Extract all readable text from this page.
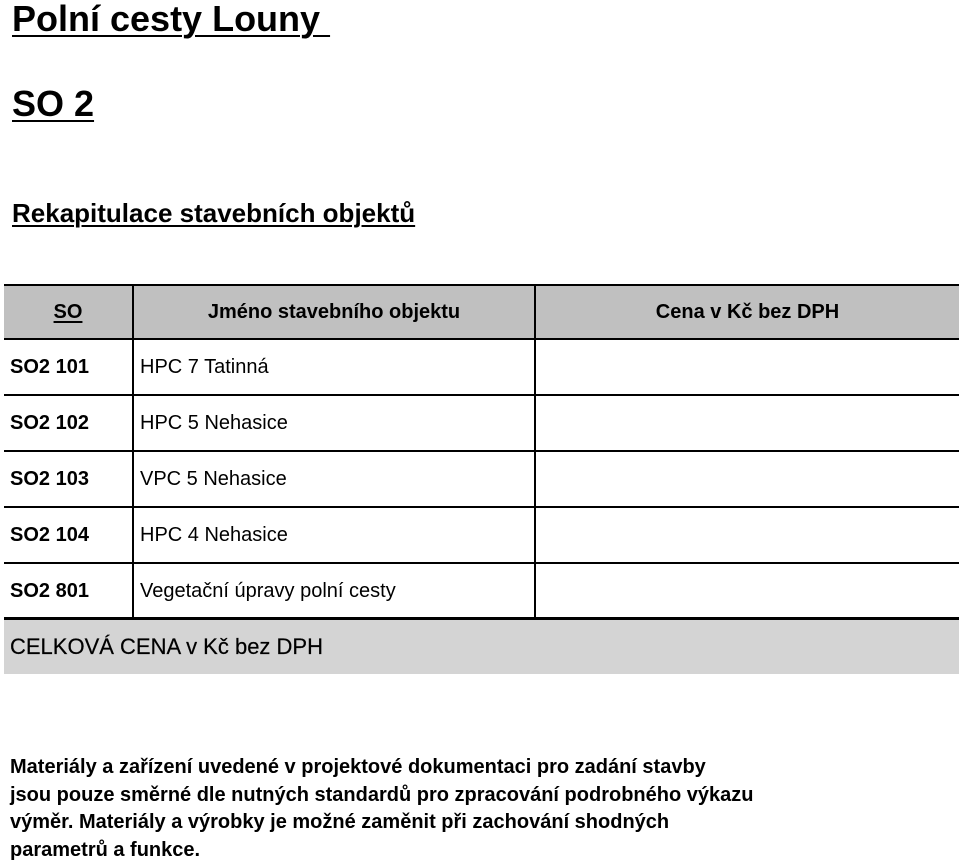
Polní cesty Louny
SO 2
Rekapitulace stavebních objektů
SO	Jméno stavebního objektu	Cena v Kč bez DPH
SO2 101	HPC 7 Tatinná
SO2 102	HPC 5 Nehasice
SO2 103	VPC 5 Nehasice
SO2 104	HPC 4 Nehasice
SO2 801	Vegetační úpravy polní cesty
CELKOVÁ CENA v Kč bez DPH
Materiály a zařízení uvedené v projektové dokumentaci pro zadání stavby
jsou pouze směrné dle nutných standardů pro zpracování podrobného výkazu
výměr. Materiály a výrobky je možné zaměnit při zachování shodných
parametrů a funkce.
